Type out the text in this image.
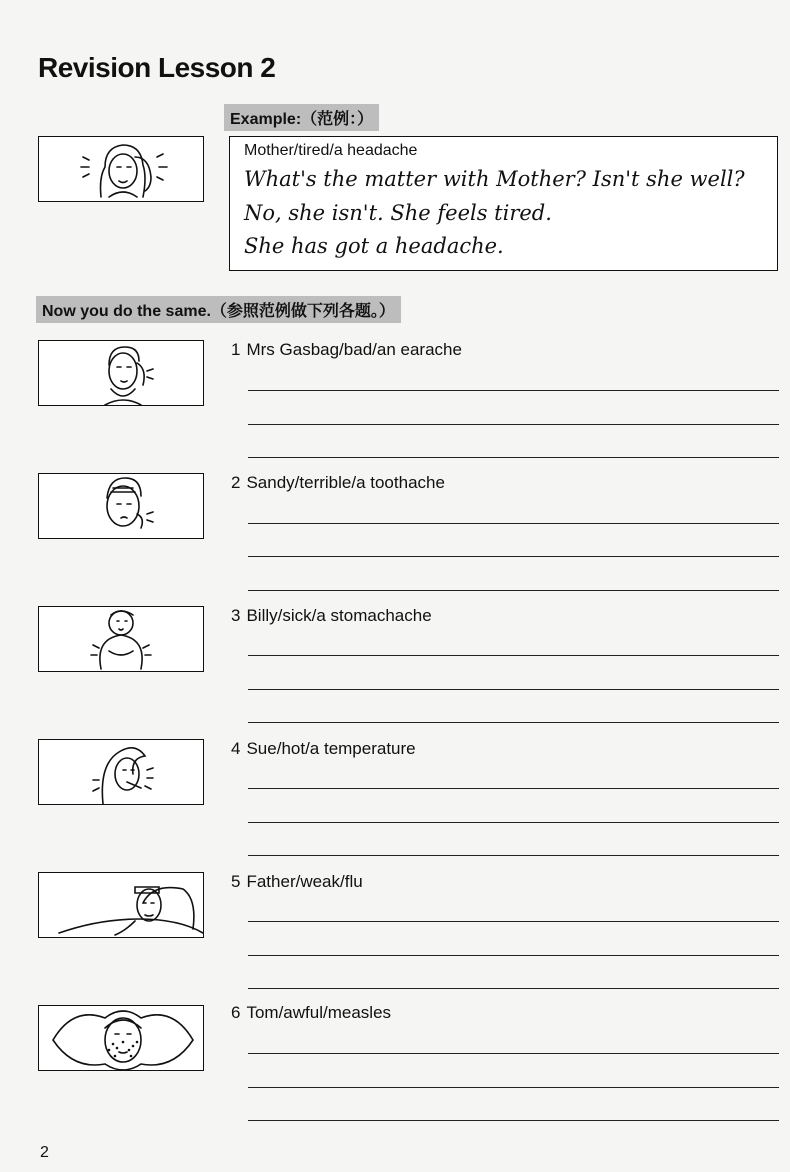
Revision Lesson 2
Example:（范例：）
Mother/tired/a headache
What's the matter with Mother? Isn't she well?
No, she isn't. She feels tired.
She has got a headache.
Now you do the same.（参照范例做下列各题。）
1 Mrs Gasbag/bad/an earache
2 Sandy/terrible/a toothache
3 Billy/sick/a stomachache
4 Sue/hot/a temperature
5 Father/weak/flu
6 Tom/awful/measles
2
